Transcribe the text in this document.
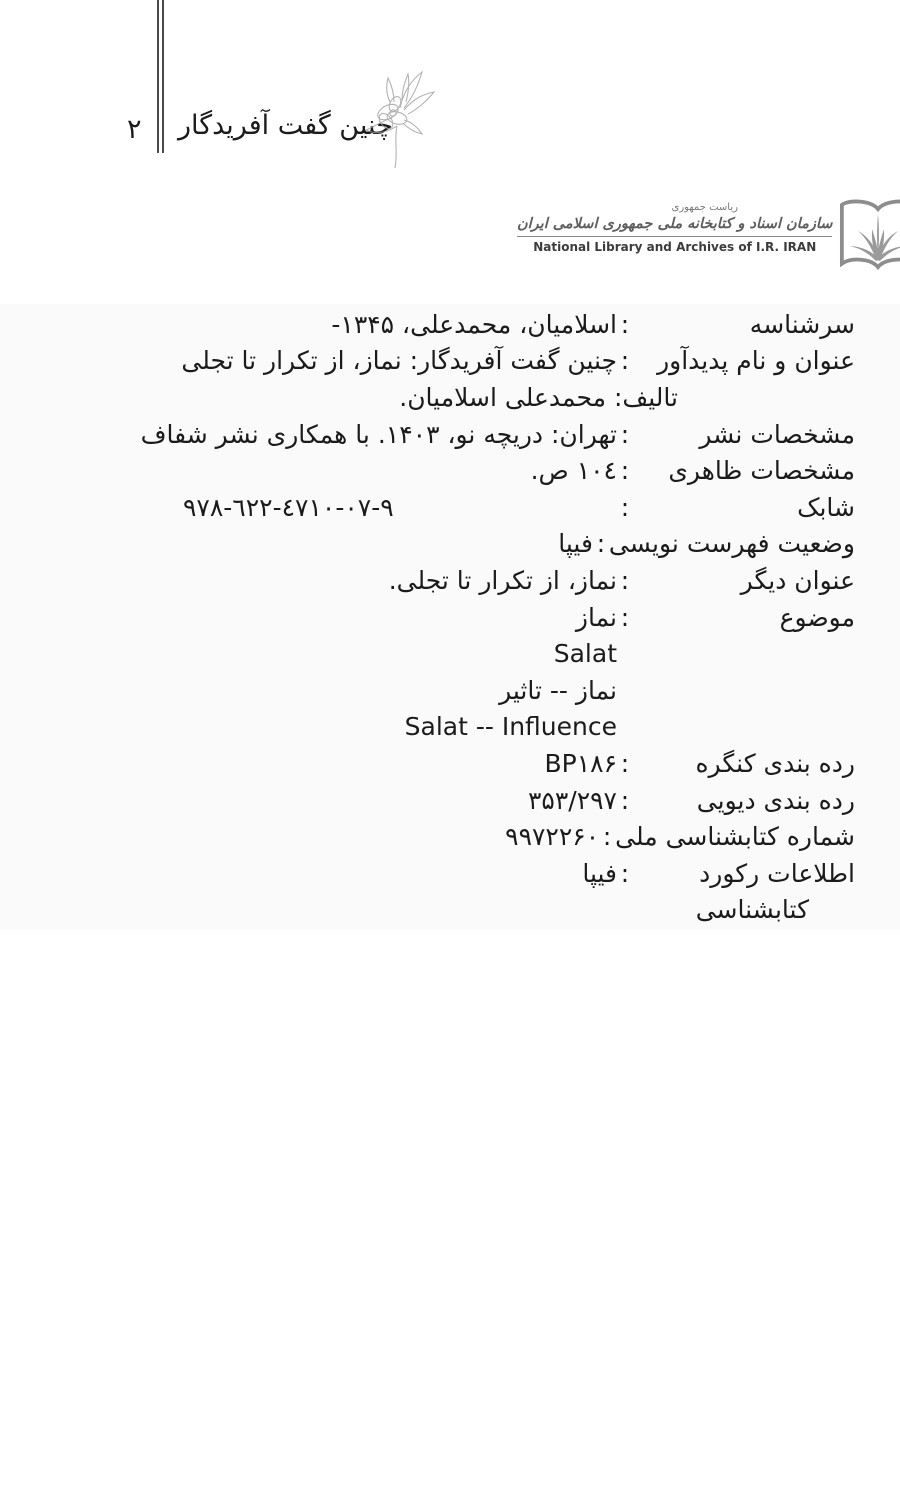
۲ چنین گفت آفریدگار
ریاست جمهوری
سازمان اسناد و کتابخانه ملی جمهوری اسلامی ایران
National Library and Archives of I.R. IRAN
سرشناسه
:
اسلامیان، محمدعلی، ۱۳۴۵-
عنوان و نام پدیدآور
:
چنین گفت آفریدگار: نماز، از تکرار تا تجلی
تالیف: محمدعلی اسلامیان.
مشخصات نشر
:
تهران: دریچه نو، ۱۴۰۳. با همکاری نشر شفاف
مشخصات ظاهری
:
١٠٤ ص.
شابک
:
٩٧٨-٦٢٢-٤٧١٠-٠٧-٩
وضعیت فهرست نویسی
:
فیپا
عنوان دیگر
:
نماز، از تکرار تا تجلی.
موضوع
:
نماز
Salat
نماز -- تاثیر
Salat -- Influence
رده بندی کنگره
:
BP۱۸۶
رده بندی دیویی
:
۳۵۳/۲۹۷
شماره کتابشناسی ملی
:
۹۹۷۲۲۶۰
اطلاعات رکورد
:
فیپا
کتابشناسی
